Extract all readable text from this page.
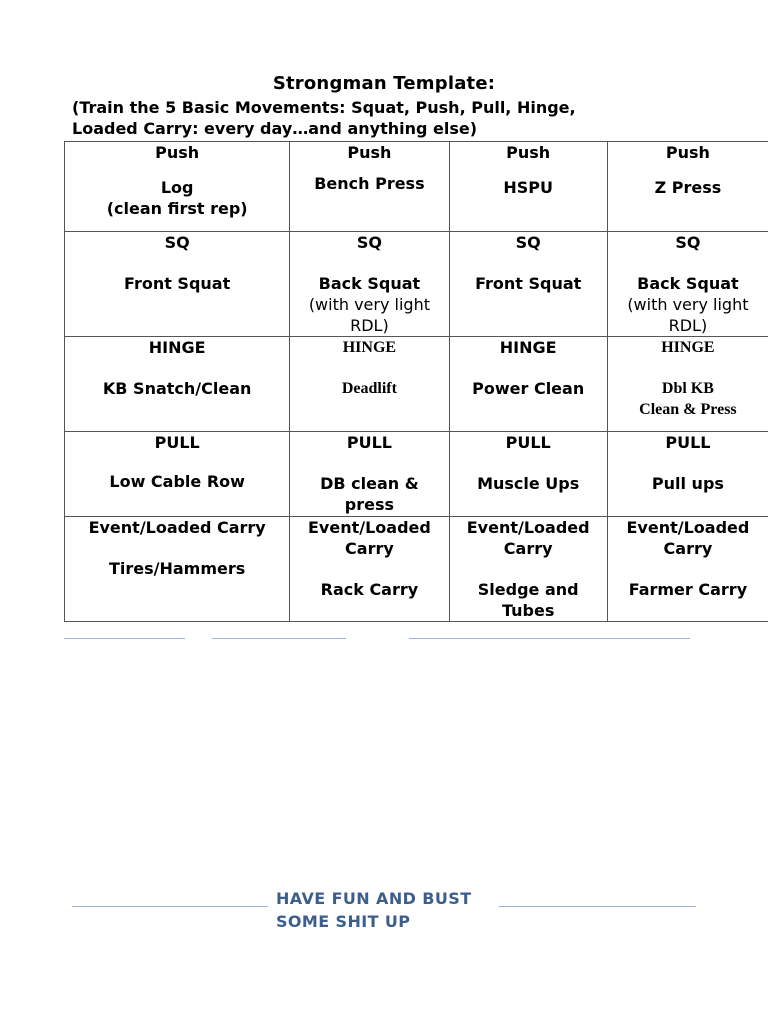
Strongman Template:
(Train the 5 Basic Movements: Squat, Push, Pull, Hinge,
Loaded Carry: every day…and anything else)
Push
Log
(clean first rep)	Push
Bench Press	Push
HSPU	Push
Z Press

SQ
Front Squat	SQ
Back Squat
(with very light
RDL)	SQ
Front Squat	SQ
Back Squat
(with very light
RDL)

HINGE
KB Snatch/Clean	HINGE
Deadlift	HINGE
Power Clean	HINGE
Dbl KB
Clean & Press

PULL
Low Cable Row	PULL
DB clean &
press	PULL
Muscle Ups	PULL
Pull ups

Event/Loaded Carry
Tires/Hammers	Event/Loaded
Carry
Rack Carry	Event/Loaded
Carry
Sledge and
Tubes	Event/Loaded
Carry
Farmer Carry
HAVE FUN AND BUST
SOME SHIT UP
